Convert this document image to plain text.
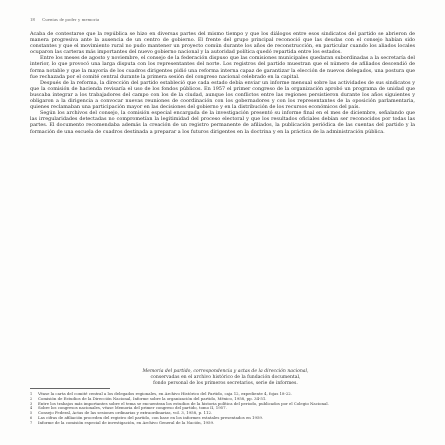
18 Cuentas de poder y memoria

Acaba de contestarse que la república se hizo en diversas partes del mismo tiempo y que los diálogos entre esos sindicatos del partido se abrieron de manera progresiva ante la ausencia de un centro de gobierno. El frente del grupo principal reconoció que las deudas con el consejo habían sido constantes y que el movimiento rural no pudo mantener un proyecto común durante los años de reconstrucción, en particular cuando los aliados locales ocuparon las carteras más importantes del nuevo gobierno nacional y la autoridad política quedó repartida entre los estados.

Entre los meses de agosto y noviembre, el consejo de la federación dispuso que las comisiones municipales quedaran subordinadas a la secretaría del interior, lo que provocó una larga disputa con los representantes del norte. Los registros del partido muestran que el número de afiliados descendió de forma notable y que la mayoría de los cuadros dirigentes pidió una reforma interna capaz de garantizar la elección de nuevos delegados, una postura que fue rechazada por el comité central durante la primera sesión del congreso nacional celebrado en la capital.

Después de la reforma, la dirección del partido estableció que cada estado debía enviar un informe mensual sobre las actividades de sus sindicatos y que la comisión de hacienda revisaría el uso de los fondos públicos. En 1957 el primer congreso de la organización aprobó un programa de unidad que buscaba integrar a los trabajadores del campo con los de la ciudad, aunque los conflictos entre las regiones persistieron durante los años siguientes y obligaron a la dirigencia a convocar nuevas reuniones de coordinación con los gobernadores y con los representantes de la oposición parlamentaria, quienes reclamaban una participación mayor en las decisiones del gobierno y en la distribución de los recursos económicos del país.

Según los archivos del consejo, la comisión especial encargada de la investigación presentó su informe final en el mes de diciembre, señalando que las irregularidades detectadas no comprometían la legitimidad del proceso electoral y que los resultados oficiales debían ser reconocidos por todas las partes. El documento recomendaba además la creación de un registro permanente de afiliados, la publicación periódica de las cuentas del partido y la formación de una escuela de cuadros destinada a preparar a los futuros dirigentes en la doctrina y en la práctica de la administración pública.

Memoria del partido, correspondencia y actas de la dirección nacional,
conservadas en el archivo histórico de la fundación documental,
fondo personal de los primeros secretarios, serie de informes.

1 Véase la carta del comité central a los delegados regionales, en Archivo Histórico del Partido, caja 12, expediente 4, fojas 18-22.

2 Comisión de Estudios de la Dirección Nacional, Informe sobre la organización del partido, México, 1958, pp. 34-51.

3 Entre los trabajos más importantes sobre el tema se encuentran los estudios de la historia política del periodo, publicados por el Colegio Nacional.

4 Sobre los congresos nacionales, véase Memoria del primer congreso del partido, tomo II, 1957.

5 Consejo Federal, Actas de las sesiones ordinarias y extraordinarias, vol. 3, 1958, p. 112.

6 Las cifras de afiliación proceden del registro del partido, con base en los informes estatales presentados en 1959.

7 Informe de la comisión especial de investigación, en Archivo General de la Nación, 1959.
